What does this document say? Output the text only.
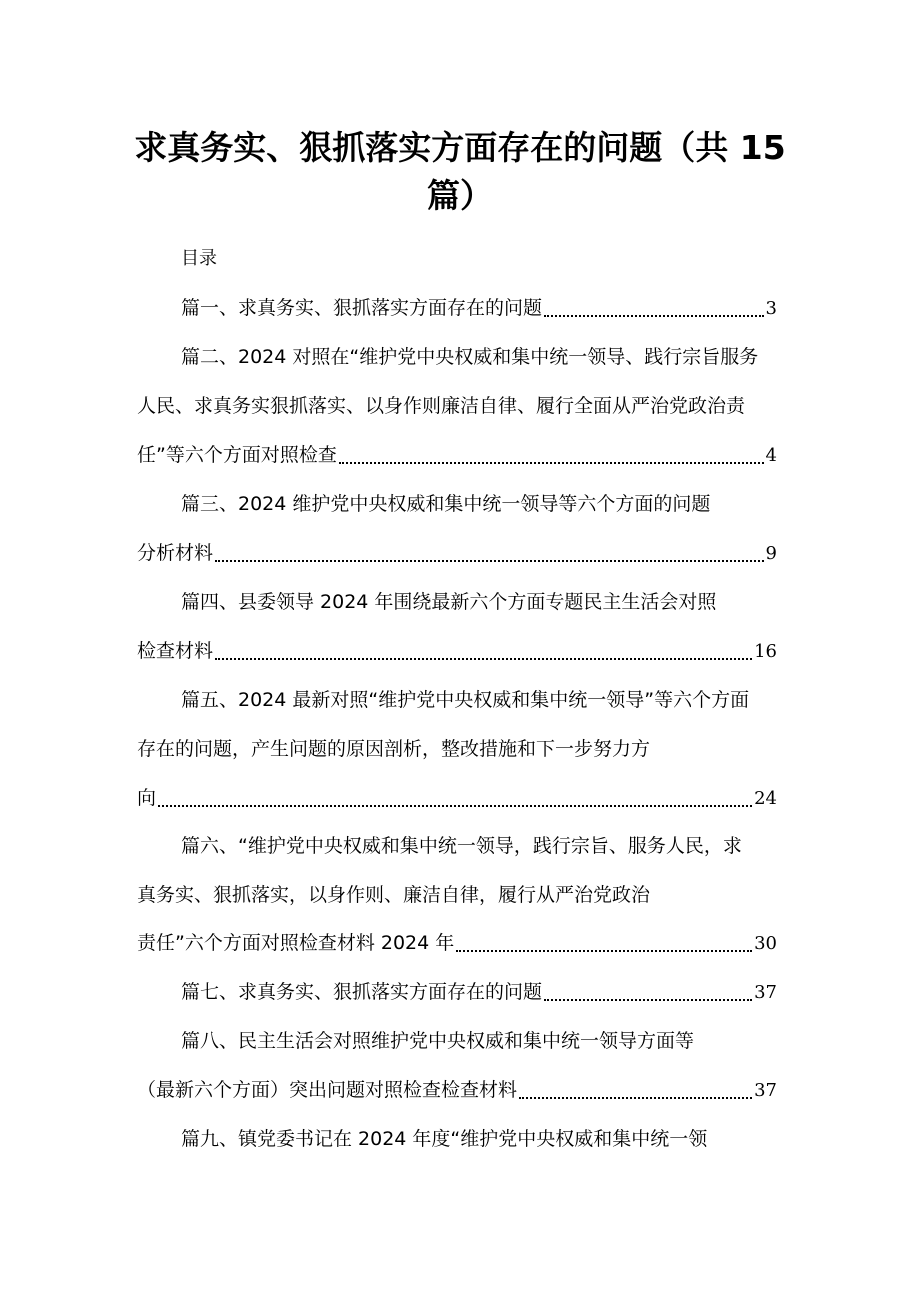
求真务实、狠抓落实方面存在的问题（共 15
篇）
目录
篇一、求真务实、狠抓落实方面存在的问题	3
篇二、2024 对照在“维护党中央权威和集中统一领导、践行宗旨服务
人民、求真务实狠抓落实、以身作则廉洁自律、履行全面从严治党政治责
任”等六个方面对照检查	4
篇三、2024 维护党中央权威和集中统一领导等六个方面的问题
分析材料	9
篇四、县委领导 2024 年围绕最新六个方面专题民主生活会对照
检查材料	16
篇五、2024 最新对照“维护党中央权威和集中统一领导”等六个方面
存在的问题，产生问题的原因剖析，整改措施和下一步努力方
向	24
篇六、“维护党中央权威和集中统一领导，践行宗旨、服务人民，求
真务实、狠抓落实，以身作则、廉洁自律，履行从严治党政治
责任”六个方面对照检查材料 2024 年	30
篇七、求真务实、狠抓落实方面存在的问题	37
篇八、民主生活会对照维护党中央权威和集中统一领导方面等
（最新六个方面）突出问题对照检查检查材料	37
篇九、镇党委书记在 2024 年度“维护党中央权威和集中统一领
